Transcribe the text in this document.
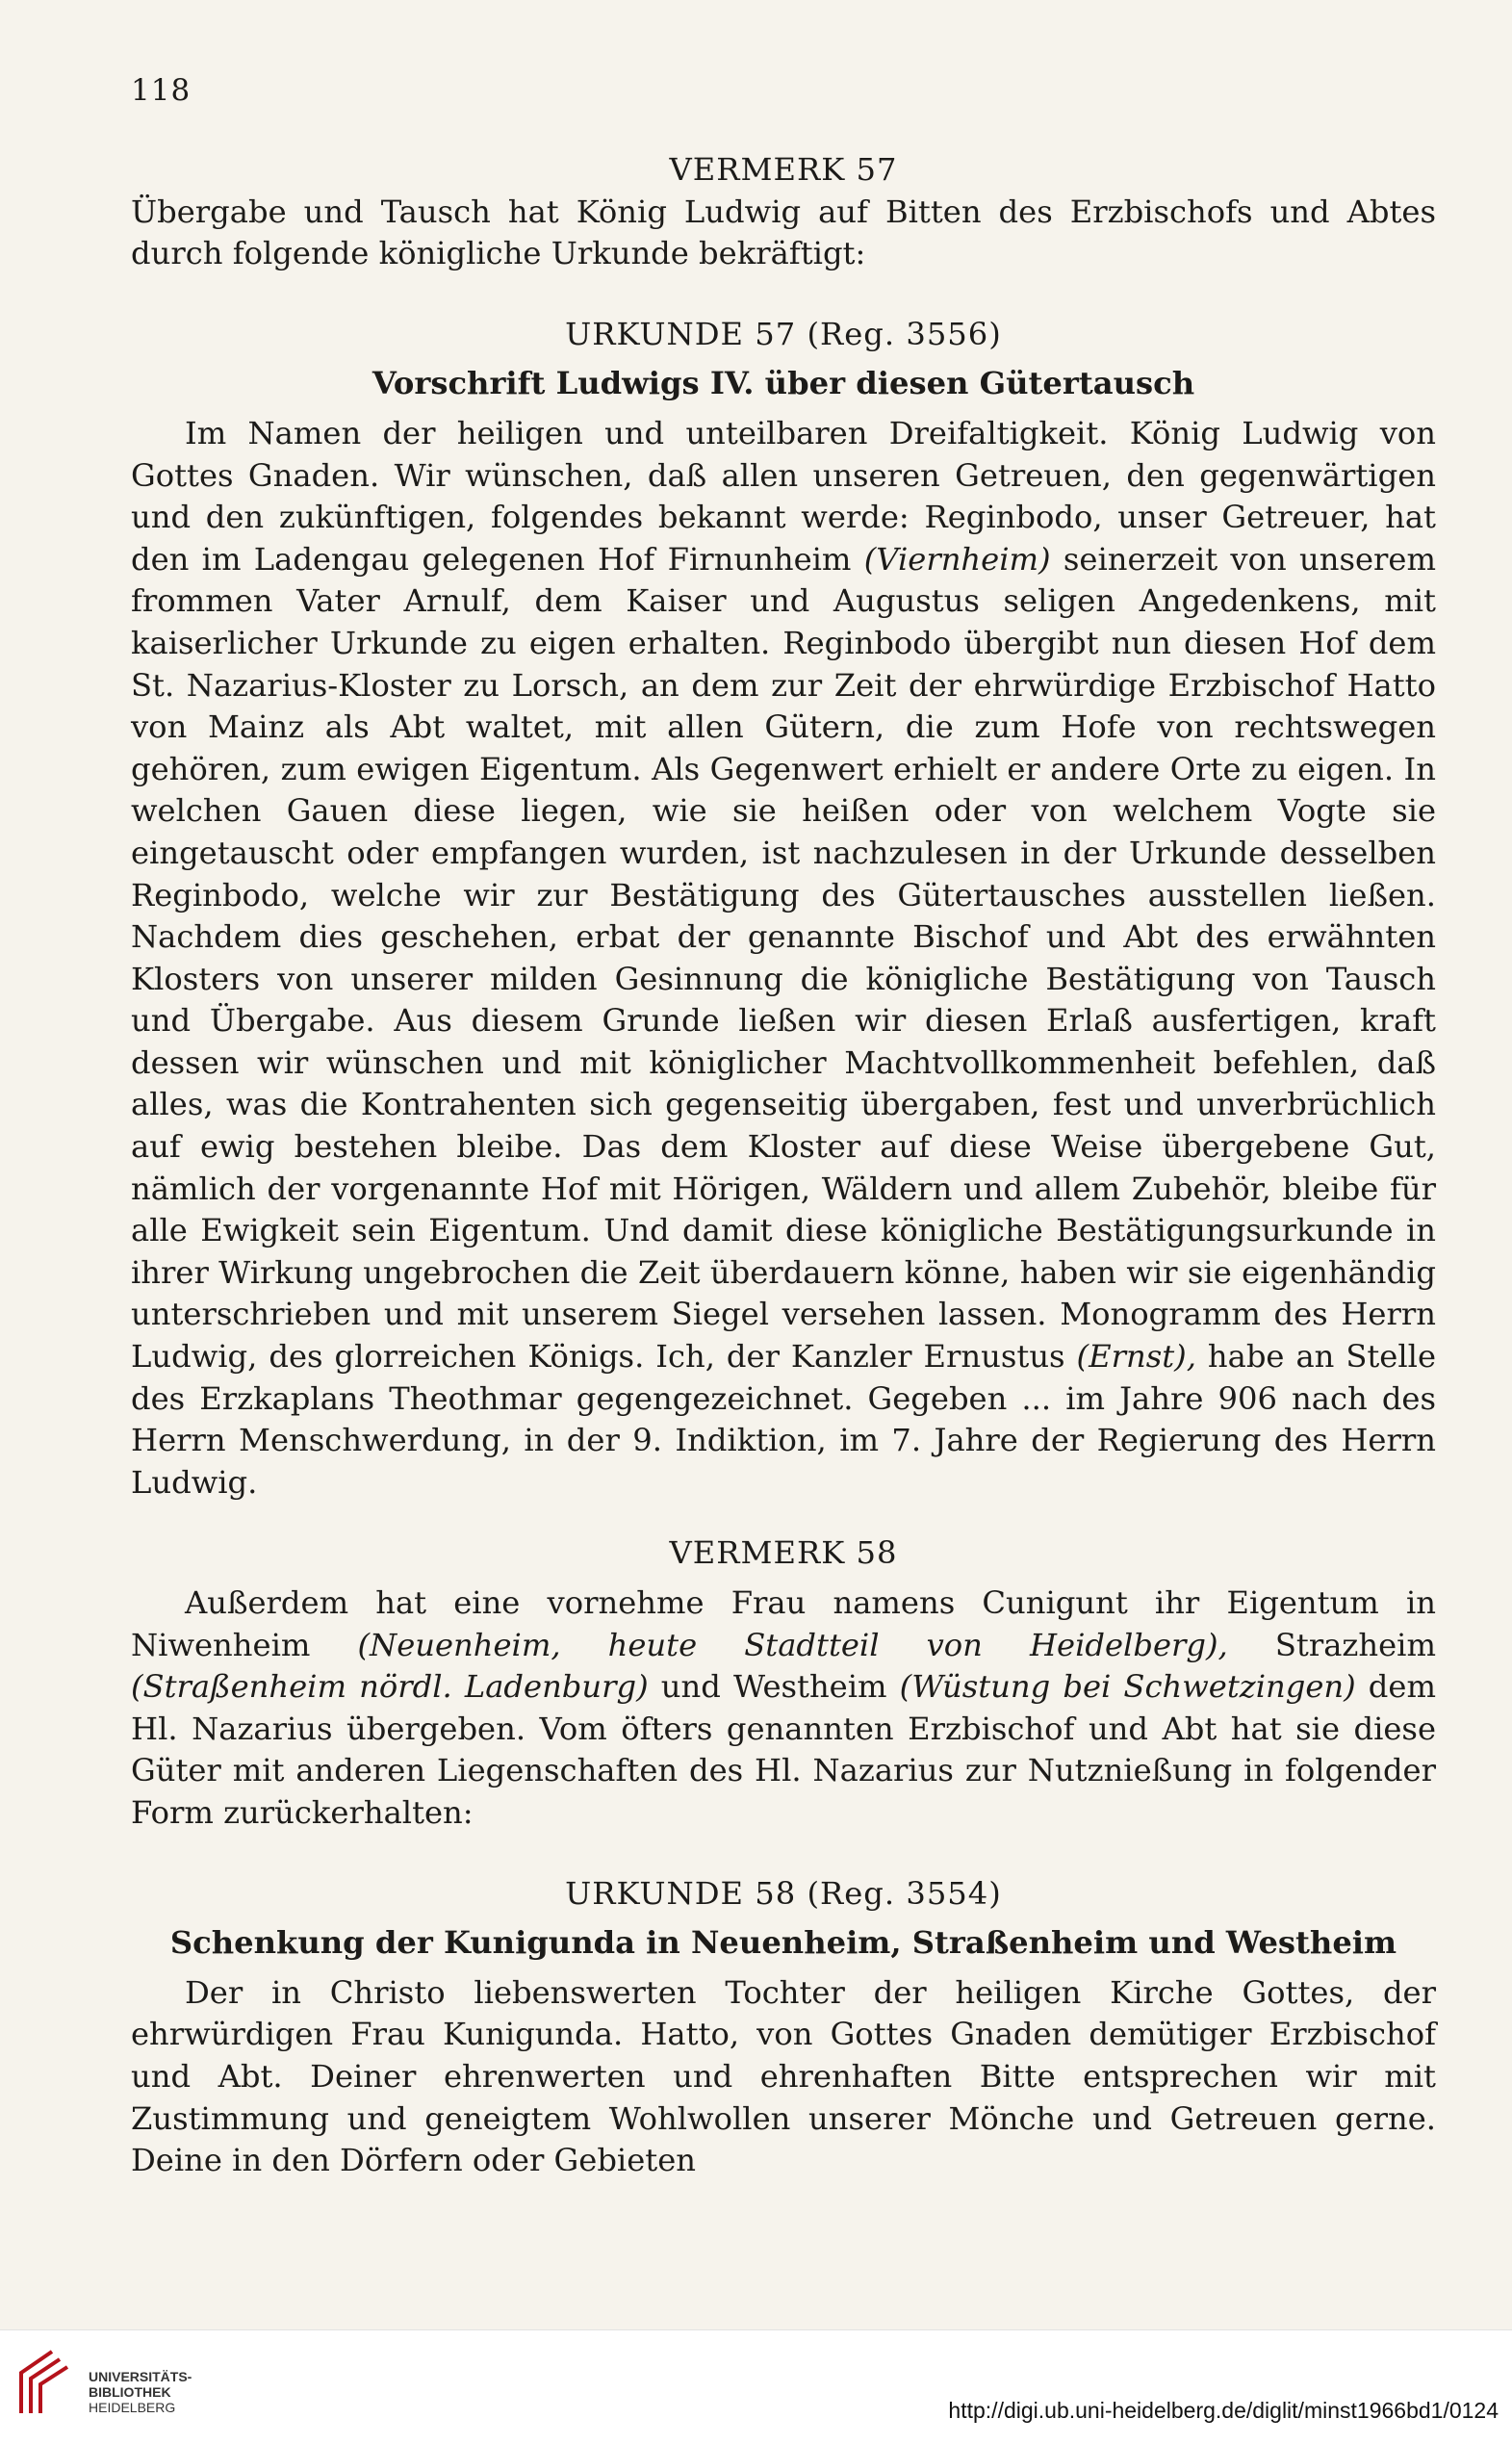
118
VERMERK 57

Übergabe und Tausch hat König Ludwig auf Bitten des Erzbischofs und Abtes durch folgende königliche Urkunde bekräftigt:

URKUNDE 57 (Reg. 3556)
Vorschrift Ludwigs IV. über diesen Gütertausch

Im Namen der heiligen und unteilbaren Dreifaltigkeit. König Ludwig von Gottes Gnaden. Wir wünschen, daß allen unseren Getreuen, den gegenwärtigen und den zukünftigen, folgendes bekannt werde: Reginbodo, unser Getreuer, hat den im Ladengau gelegenen Hof Firnunheim (Viernheim) seinerzeit von unserem frommen Vater Arnulf, dem Kaiser und Augustus seligen Angedenkens, mit kaiserlicher Urkunde zu eigen erhalten. Reginbodo übergibt nun diesen Hof dem St. Nazarius-Kloster zu Lorsch, an dem zur Zeit der ehrwürdige Erzbischof Hatto von Mainz als Abt waltet, mit allen Gütern, die zum Hofe von rechtswegen gehören, zum ewigen Eigentum. Als Gegenwert erhielt er andere Orte zu eigen. In welchen Gauen diese liegen, wie sie heißen oder von welchem Vogte sie eingetauscht oder empfangen wurden, ist nachzulesen in der Urkunde desselben Reginbodo, welche wir zur Bestätigung des Gütertausches ausstellen ließen. Nachdem dies geschehen, erbat der genannte Bischof und Abt des erwähnten Klosters von unserer milden Gesinnung die königliche Bestätigung von Tausch und Übergabe. Aus diesem Grunde ließen wir diesen Erlaß ausfertigen, kraft dessen wir wünschen und mit königlicher Machtvollkommenheit befehlen, daß alles, was die Kontrahenten sich gegenseitig übergaben, fest und unverbrüchlich auf ewig bestehen bleibe. Das dem Kloster auf diese Weise übergebene Gut, nämlich der vorgenannte Hof mit Hörigen, Wäldern und allem Zubehör, bleibe für alle Ewigkeit sein Eigentum. Und damit diese königliche Bestätigungsurkunde in ihrer Wirkung ungebrochen die Zeit überdauern könne, haben wir sie eigenhändig unterschrieben und mit unserem Siegel versehen lassen. Monogramm des Herrn Ludwig, des glorreichen Königs. Ich, der Kanzler Ernustus (Ernst), habe an Stelle des Erzkaplans Theothmar gegengezeichnet. Gegeben ... im Jahre 906 nach des Herrn Menschwerdung, in der 9. Indiktion, im 7. Jahre der Regierung des Herrn Ludwig.

VERMERK 58

Außerdem hat eine vornehme Frau namens Cunigunt ihr Eigentum in Niwenheim (Neuenheim, heute Stadtteil von Heidelberg), Strazheim (Straßenheim nördl. Ladenburg) und Westheim (Wüstung bei Schwetzingen) dem Hl. Nazarius übergeben. Vom öfters genannten Erzbischof und Abt hat sie diese Güter mit anderen Liegenschaften des Hl. Nazarius zur Nutznießung in folgender Form zurückerhalten:

URKUNDE 58 (Reg. 3554)
Schenkung der Kunigunda in Neuenheim, Straßenheim und Westheim

Der in Christo liebenswerten Tochter der heiligen Kirche Gottes, der ehrwürdigen Frau Kunigunda. Hatto, von Gottes Gnaden demütiger Erzbischof und Abt. Deiner ehrenwerten und ehrenhaften Bitte entsprechen wir mit Zustimmung und geneigtem Wohlwollen unserer Mönche und Getreuen gerne. Deine in den Dörfern oder Gebieten

UNIVERSITÄTS-
BIBLIOTHEK
HEIDELBERG	http://digi.ub.uni-heidelberg.de/diglit/minst1966bd1/0124
